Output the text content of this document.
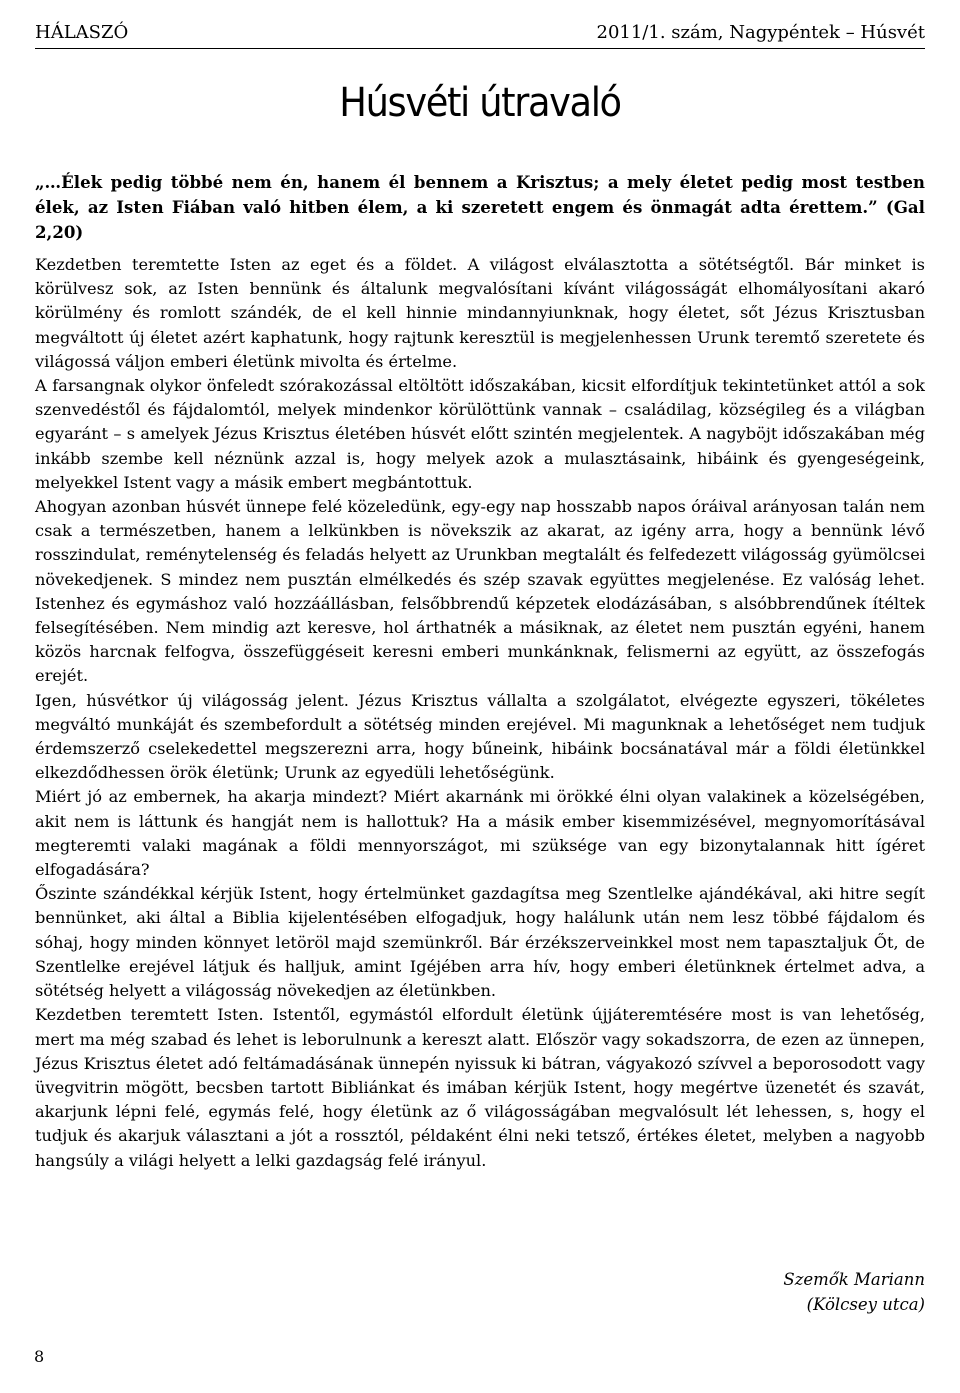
HÁLASZÓ	2011/1. szám, Nagypéntek – Húsvét
Húsvéti útravaló

„…Élek pedig többé nem én, hanem él bennem a Krisztus; a mely életet pedig most testben élek, az Isten Fiában való hitben élem, a ki szeretett engem és önmagát adta érettem.” (Gal 2,20)

Kezdetben teremtette Isten az eget és a földet. A világost elválasztotta a sötétségtől. Bár minket is körülvesz sok, az Isten bennünk és általunk megvalósítani kívánt világosságát elhomályosítani akaró körülmény és romlott szándék, de el kell hinnie mindannyiunknak, hogy életet, sőt Jézus Krisztusban megváltott új életet azért kaphatunk, hogy rajtunk keresztül is megjelenhessen Urunk teremtő szeretete és világossá váljon emberi életünk mivolta és értelme.

A farsangnak olykor önfeledt szórakozással eltöltött időszakában, kicsit elfordítjuk tekintetünket attól a sok szenvedéstől és fájdalomtól, melyek mindenkor körülöttünk vannak – családilag, községileg és a világban egyaránt – s amelyek Jézus Krisztus életében húsvét előtt szintén megjelentek. A nagyböjt időszakában még inkább szembe kell néznünk azzal is, hogy melyek azok a mulasztásaink, hibáink és gyengeségeink, melyekkel Istent vagy a másik embert megbántottuk.

Ahogyan azonban húsvét ünnepe felé közeledünk, egy-egy nap hosszabb napos óráival arányosan talán nem csak a természetben, hanem a lelkünkben is növekszik az akarat, az igény arra, hogy a bennünk lévő rosszindulat, reménytelenség és feladás helyett az Urunkban megtalált és felfedezett világosság gyümölcsei növekedjenek. S mindez nem pusztán elmélkedés és szép szavak együttes megjelenése. Ez valóság lehet. Istenhez és egymáshoz való hozzáállásban, felsőbbrendű képzetek elodázásában, s alsóbbrendűnek ítéltek felsegítésében. Nem mindig azt keresve, hol árthatnék a másiknak, az életet nem pusztán egyéni, hanem közös harcnak felfogva, összefüggéseit keresni emberi munkánknak, felismerni az együtt, az összefogás erejét.

Igen, húsvétkor új világosság jelent. Jézus Krisztus vállalta a szolgálatot, elvégezte egyszeri, tökéletes megváltó munkáját és szembefordult a sötétség minden erejével. Mi magunknak a lehetőséget nem tudjuk érdemszerző cselekedettel megszerezni arra, hogy bűneink, hibáink bocsánatával már a földi életünkkel elkezdődhessen örök életünk; Urunk az egyedüli lehetőségünk.

Miért jó az embernek, ha akarja mindezt? Miért akarnánk mi örökké élni olyan valakinek a közelségében, akit nem is láttunk és hangját nem is hallottuk? Ha a másik ember kisemmizésével, megnyomorításával megteremti valaki magának a földi mennyországot, mi szüksége van egy bizonytalannak hitt ígéret elfogadására?

Őszinte szándékkal kérjük Istent, hogy értelmünket gazdagítsa meg Szentlelke ajándékával, aki hitre segít bennünket, aki által a Biblia kijelentésében elfogadjuk, hogy halálunk után nem lesz többé fájdalom és sóhaj, hogy minden könnyet letöröl majd szemünkről. Bár érzékszerveinkkel most nem tapasztaljuk Őt, de Szentlelke erejével látjuk és halljuk, amint Igéjében arra hív, hogy emberi életünknek értelmet adva, a sötétség helyett a világosság növekedjen az életünkben.

Kezdetben teremtett Isten. Istentől, egymástól elfordult életünk újjáteremtésére most is van lehetőség, mert ma még szabad és lehet is leborulnunk a kereszt alatt. Először vagy sokadszorra, de ezen az ünnepen, Jézus Krisztus életet adó feltámadásának ünnepén nyissuk ki bátran, vágyakozó szívvel a beporosodott vagy üvegvitrin mögött, becsben tartott Bibliánkat és imában kérjük Istent, hogy megértve üzenetét és szavát, akarjunk lépni felé, egymás felé, hogy életünk az ő világosságában megvalósult lét lehessen, s, hogy el tudjuk és akarjuk választani a jót a rossztól, példaként élni neki tetsző, értékes életet, melyben a nagyobb hangsúly a világi helyett a lelki gazdagság felé irányul.

Szemők Mariann
(Kölcsey utca)
8
